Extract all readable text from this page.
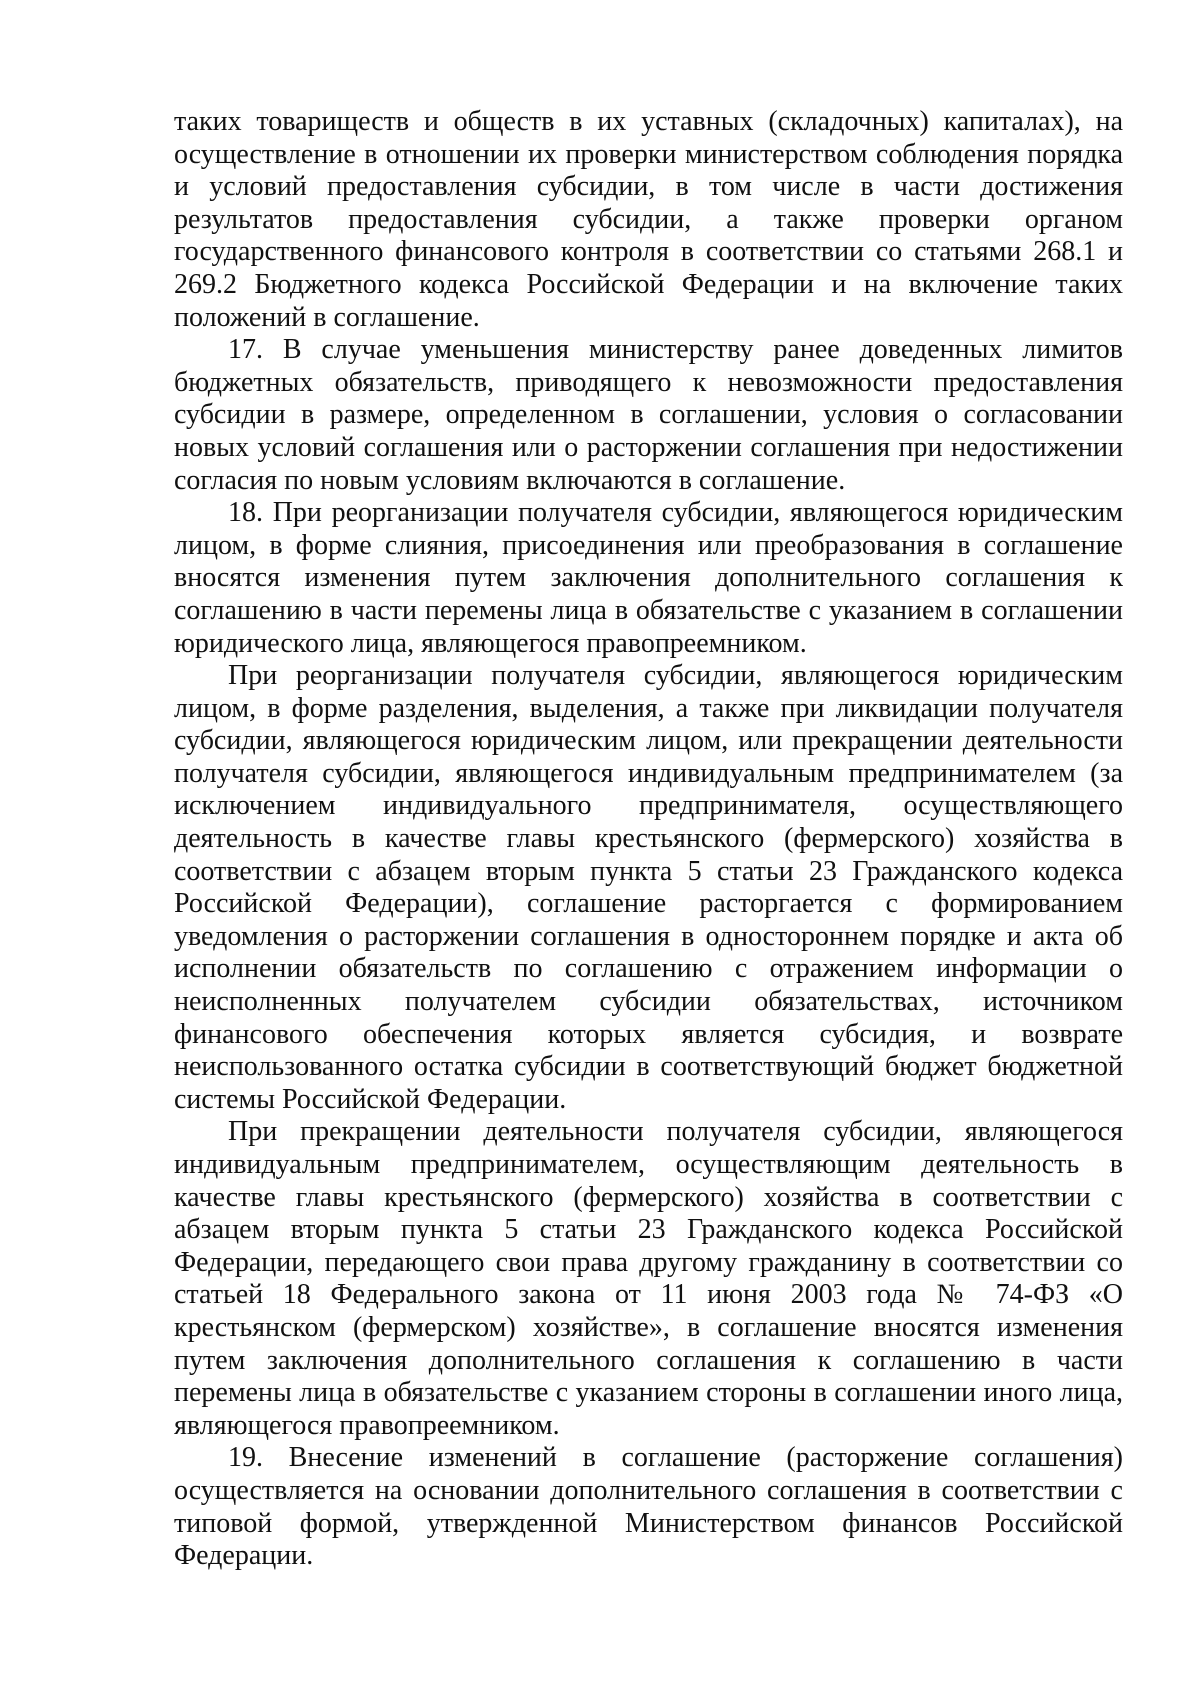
таких товариществ и обществ в их уставных (складочных) капиталах), на осуществление в отношении их проверки министерством соблюдения порядка и условий предоставления субсидии, в том числе в части достижения результатов предоставления субсидии, а также проверки органом государственного финансового контроля в соответствии со статьями 268.1 и 269.2 Бюджетного кодекса Российской Федерации и на включение таких положений в соглашение.

17. В случае уменьшения министерству ранее доведенных лимитов бюджетных обязательств, приводящего к невозможности предоставления субсидии в размере, определенном в соглашении, условия о согласовании новых условий соглашения или о расторжении соглашения при недостижении согласия по новым условиям включаются в соглашение.

18. При реорганизации получателя субсидии, являющегося юридическим лицом, в форме слияния, присоединения или преобразования в соглашение вносятся изменения путем заключения дополнительного соглашения к соглашению в части перемены лица в обязательстве с указанием в соглашении юридического лица, являющегося правопреемником.

При реорганизации получателя субсидии, являющегося юридическим лицом, в форме разделения, выделения, а также при ликвидации получателя субсидии, являющегося юридическим лицом, или прекращении деятельности получателя субсидии, являющегося индивидуальным предпринимателем (за исключением индивидуального предпринимателя, осуществляющего деятельность в качестве главы крестьянского (фермерского) хозяйства в соответствии с абзацем вторым пункта 5 статьи 23 Гражданского кодекса Российской Федерации), соглашение расторгается с формированием уведомления о расторжении соглашения в одностороннем порядке и акта об исполнении обязательств по соглашению с отражением информации о неисполненных получателем субсидии обязательствах, источником финансового обеспечения которых является субсидия, и возврате неиспользованного остатка субсидии в соответствующий бюджет бюджетной системы Российской Федерации.

При прекращении деятельности получателя субсидии, являющегося индивидуальным предпринимателем, осуществляющим деятельность в качестве главы крестьянского (фермерского) хозяйства в соответствии с абзацем вторым пункта 5 статьи 23 Гражданского кодекса Российской Федерации, передающего свои права другому гражданину в соответствии со статьей 18 Федерального закона от 11 июня 2003 года № 74-ФЗ «О крестьянском (фермерском) хозяйстве», в соглашение вносятся изменения путем заключения дополнительного соглашения к соглашению в части перемены лица в обязательстве с указанием стороны в соглашении иного лица, являющегося правопреемником.

19. Внесение изменений в соглашение (расторжение соглашения) осуществляется на основании дополнительного соглашения в соответствии с типовой формой, утвержденной Министерством финансов Российской Федерации.
